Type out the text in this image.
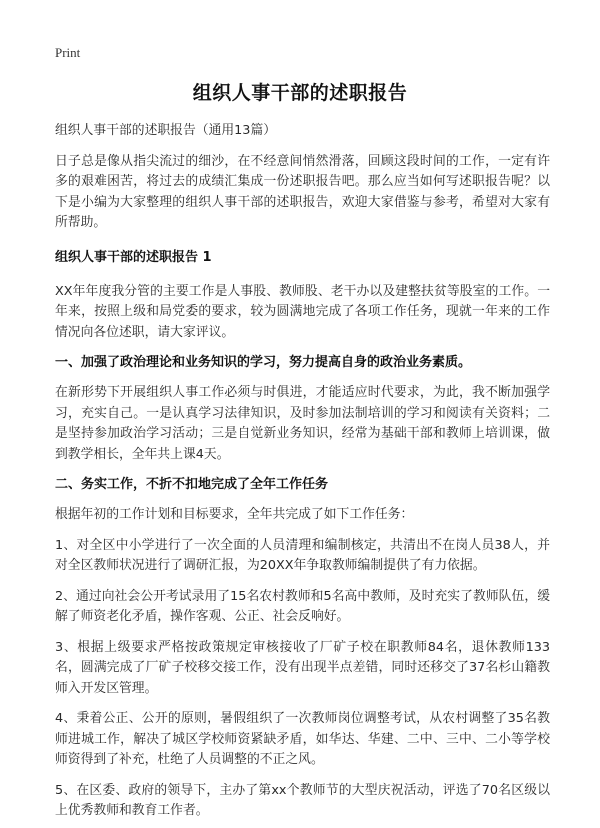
Print
组织人事干部的述职报告

组织人事干部的述职报告（通用13篇）

日子总是像从指尖流过的细沙，在不经意间悄然滑落，回顾这段时间的工作，一定有许多的艰难困苦，将过去的成绩汇集成一份述职报告吧。那么应当如何写述职报告呢？以下是小编为大家整理的组织人事干部的述职报告，欢迎大家借鉴与参考，希望对大家有所帮助。

组织人事干部的述职报告 1

XX年年度我分管的主要工作是人事股、教师股、老干办以及建整扶贫等股室的工作。一年来，按照上级和局党委的要求，较为圆满地完成了各项工作任务，现就一年来的工作情况向各位述职，请大家评议。

一、加强了政治理论和业务知识的学习，努力提高自身的政治业务素质。

在新形势下开展组织人事工作必须与时俱进，才能适应时代要求，为此，我不断加强学习，充实自己。一是认真学习法律知识，及时参加法制培训的学习和阅读有关资料；二是坚持参加政治学习活动；三是自觉新业务知识，经常为基础干部和教师上培训课，做到教学相长，全年共上课4天。

二、务实工作，不折不扣地完成了全年工作任务

根据年初的工作计划和目标要求，全年共完成了如下工作任务：

1、对全区中小学进行了一次全面的人员清理和编制核定，共清出不在岗人员38人，并对全区教师状况进行了调研汇报，为20XX年争取教师编制提供了有力依据。

2、通过向社会公开考试录用了15名农村教师和5名高中教师，及时充实了教师队伍，缓解了师资老化矛盾，操作客观、公正、社会反响好。

3、根据上级要求严格按政策规定审核接收了厂矿子校在职教师84名，退休教师133名，圆满完成了厂矿子校移交接工作，没有出现半点差错，同时还移交了37名杉山籍教师入开发区管理。

4、秉着公正、公开的原则，暑假组织了一次教师岗位调整考试，从农村调整了35名教师进城工作，解决了城区学校师资紧缺矛盾，如华达、华建、二中、三中、二小等学校师资得到了补充，杜绝了人员调整的不正之风。

5、在区委、政府的领导下，主办了第xx个教师节的大型庆祝活动，评选了70名区级以上优秀教师和教育工作者。
